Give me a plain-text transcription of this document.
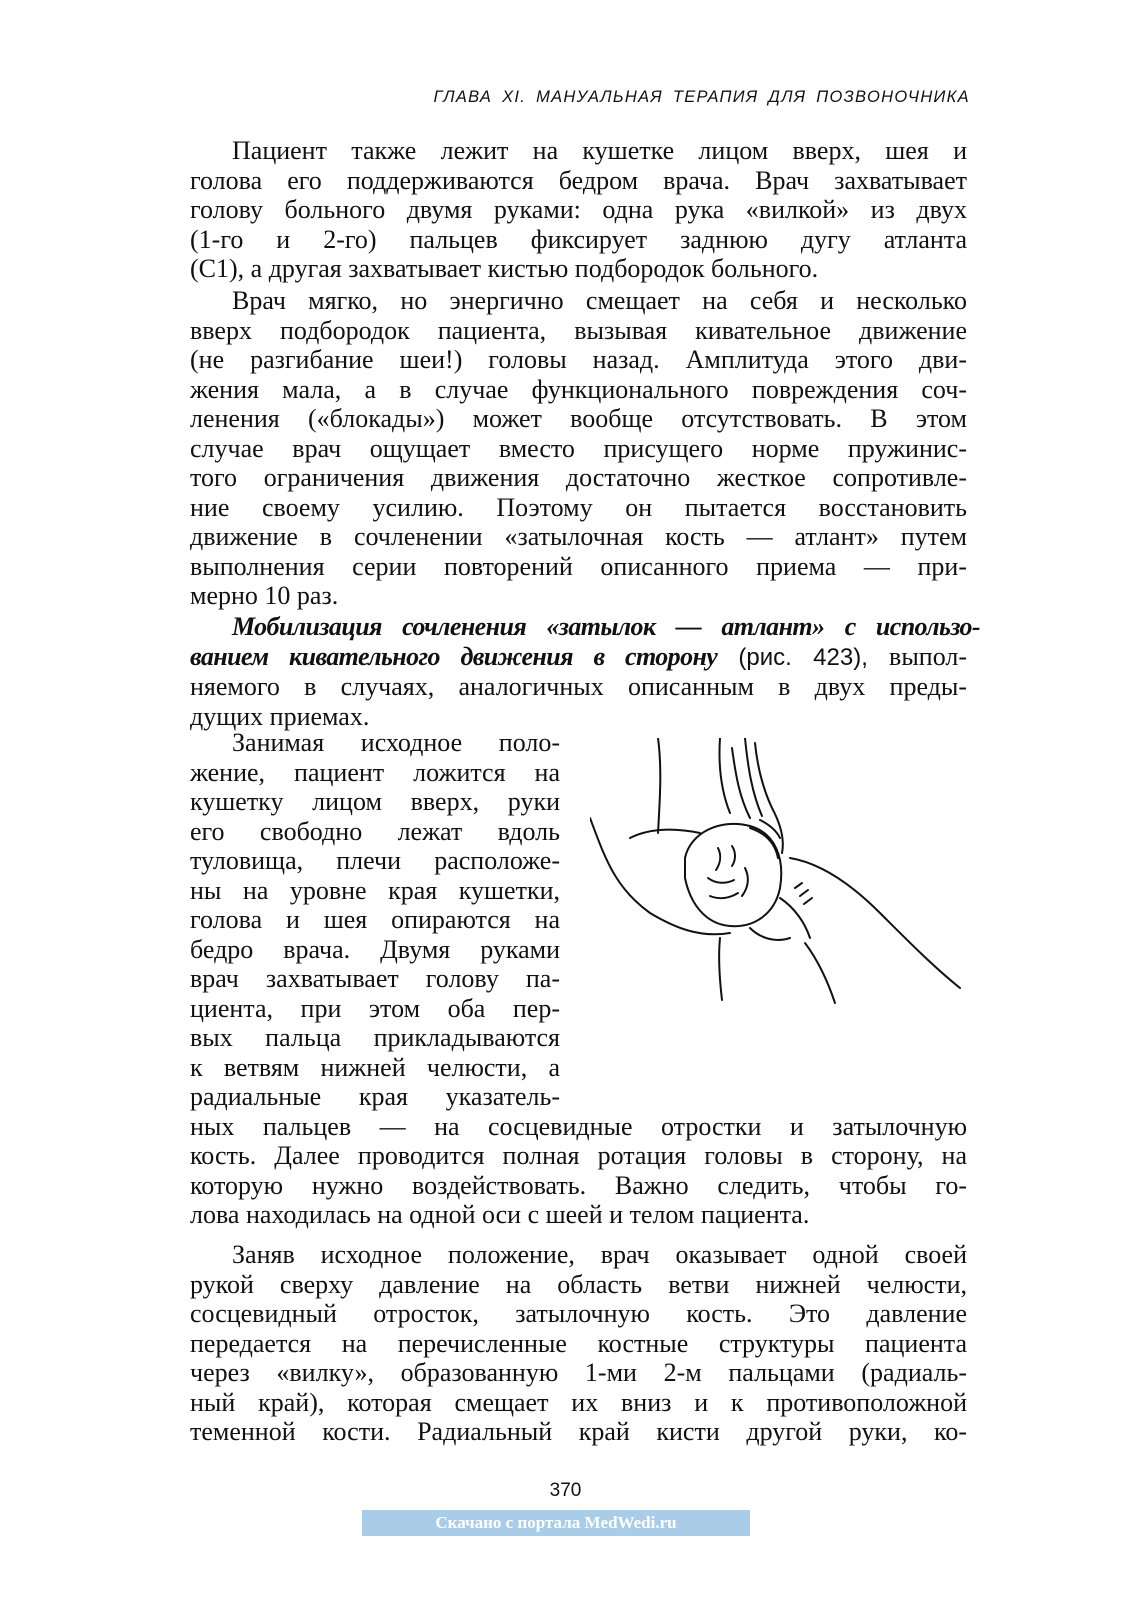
ГЛАВА XI. МАНУАЛЬНАЯ ТЕРАПИЯ ДЛЯ ПОЗВОНОЧНИКА
Пациент также лежит на кушетке лицом вверх, шея и
голова его поддерживаются бедром врача. Врач захватывает
голову больного двумя руками: одна рука «вилкой» из двух
(1-го и 2-го) пальцев фиксирует заднюю дугу атланта
(С1), а другая захватывает кистью подбородок больного.
Врач мягко, но энергично смещает на себя и несколько
вверх подбородок пациента, вызывая кивательное движение
(не разгибание шеи!) головы назад. Амплитуда этого дви-
жения мала, а в случае функционального повреждения соч-
ленения («блокады») может вообще отсутствовать. В этом
случае врач ощущает вместо присущего норме пружинис-
того ограничения движения достаточно жесткое сопротивле-
ние своему усилию. Поэтому он пытается восстановить
движение в сочленении «затылочная кость — атлант» путем
выполнения серии повторений описанного приема — при-
мерно 10 раз.
Мобилизация сочленения «затылок — атлант» с использо-
ванием кивательного движения в сторону (рис. 423), выпол-
няемого в случаях, аналогичных описанным в двух преды-
дущих приемах.
Занимая исходное поло-
жение, пациент ложится на
кушетку лицом вверх, руки
его свободно лежат вдоль
туловища, плечи расположе-
ны на уровне края кушетки,
голова и шея опираются на
бедро врача. Двумя руками
врач захватывает голову па-
циента, при этом оба пер-
вых пальца прикладываются
к ветвям нижней челюсти, а
радиальные края указатель-
ных пальцев — на сосцевидные отростки и затылочную
кость. Далее проводится полная ротация головы в сторону, на
которую нужно воздействовать. Важно следить, чтобы го-
лова находилась на одной оси с шеей и телом пациента.
Заняв исходное положение, врач оказывает одной своей
рукой сверху давление на область ветви нижней челюсти,
сосцевидный отросток, затылочную кость. Это давление
передается на перечисленные костные структуры пациента
через «вилку», образованную 1-ми 2-м пальцами (радиаль-
ный край), которая смещает их вниз и к противоположной
теменной кости. Радиальный край кисти другой руки, ко-
370
Скачано с портала MedWedi.ru
